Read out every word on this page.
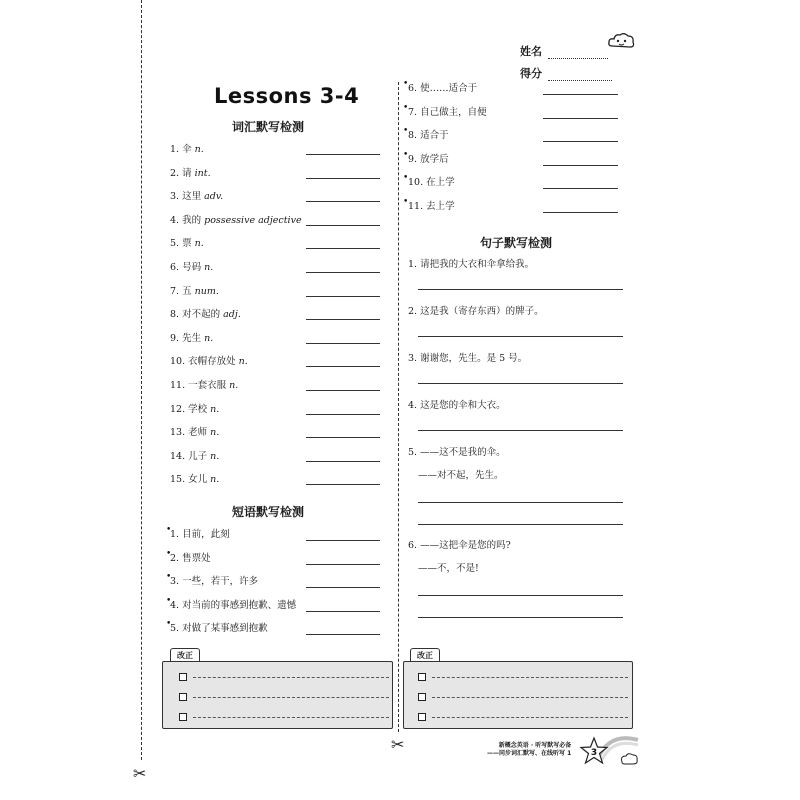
✂
✂
姓名
得分
Lessons 3-4
词汇默写检测
1. 伞 n.
2. 请 int.
3. 这里 adv.
4. 我的 possessive adjective
5. 票 n.
6. 号码 n.
7. 五 num.
8. 对不起的 adj.
9. 先生 n.
10. 衣帽存放处 n.
11. 一套衣服 n.
12. 学校 n.
13. 老师 n.
14. 儿子 n.
15. 女儿 n.
短语默写检测
•
1. 目前，此刻
•
2. 售票处
•
3. 一些，若干，许多
•
4. 对当前的事感到抱歉、遗憾
•
5. 对做了某事感到抱歉
• 6. 使……适合于
• 7. 自己做主，自便
• 8. 适合于
• 9. 放学后
• 10. 在上学
• 11. 去上学
句子默写检测
1. 请把我的大衣和伞拿给我。
2. 这是我（寄存东西）的牌子。
3. 谢谢您，先生。是 5 号。
4. 这是您的伞和大衣。
5. ——这不是我的伞。
——对不起，先生。
6. ——这把伞是您的吗?
——不，不是!
改正	改正
新概念英语 · 听写默写必备
——同步词汇默写、在线听写 1 3
